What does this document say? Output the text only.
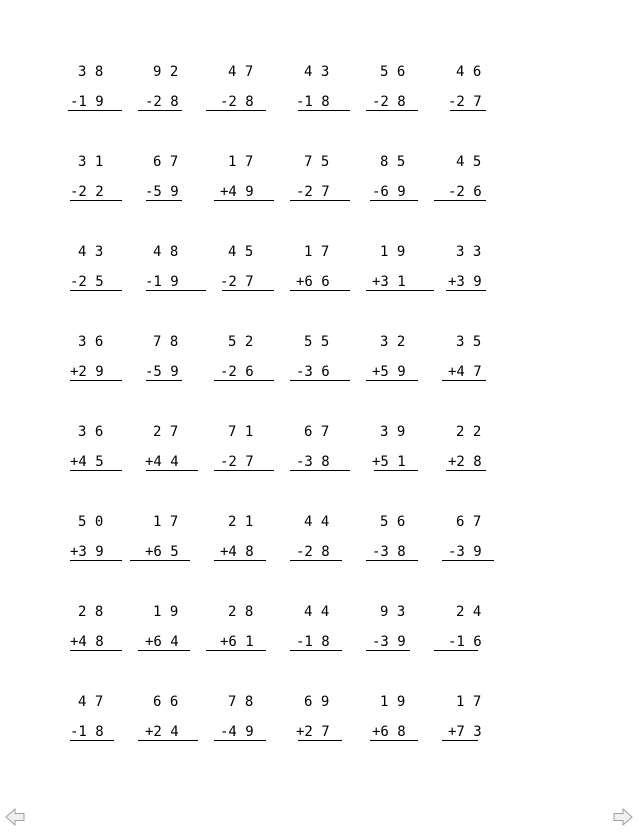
3 8
-1 9
9 2
-2 8
4 7
-2 8
4 3
-1 8
5 6
-2 8
4 6
-2 7
3 1
-2 2
6 7
-5 9
1 7
+4 9
7 5
-2 7
8 5
-6 9
4 5
-2 6
4 3
-2 5
4 8
-1 9
4 5
-2 7
1 7
+6 6
1 9
+3 1
3 3
+3 9
3 6
+2 9
7 8
-5 9
5 2
-2 6
5 5
-3 6
3 2
+5 9
3 5
+4 7
3 6
+4 5
2 7
+4 4
7 1
-2 7
6 7
-3 8
3 9
+5 1
2 2
+2 8
5 0
+3 9
1 7
+6 5
2 1
+4 8
4 4
-2 8
5 6
-3 8
6 7
-3 9
2 8
+4 8
1 9
+6 4
2 8
+6 1
4 4
-1 8
9 3
-3 9
2 4
-1 6
4 7
-1 8
6 6
+2 4
7 8
-4 9
6 9
+2 7
1 9
+6 8
1 7
+7 3
